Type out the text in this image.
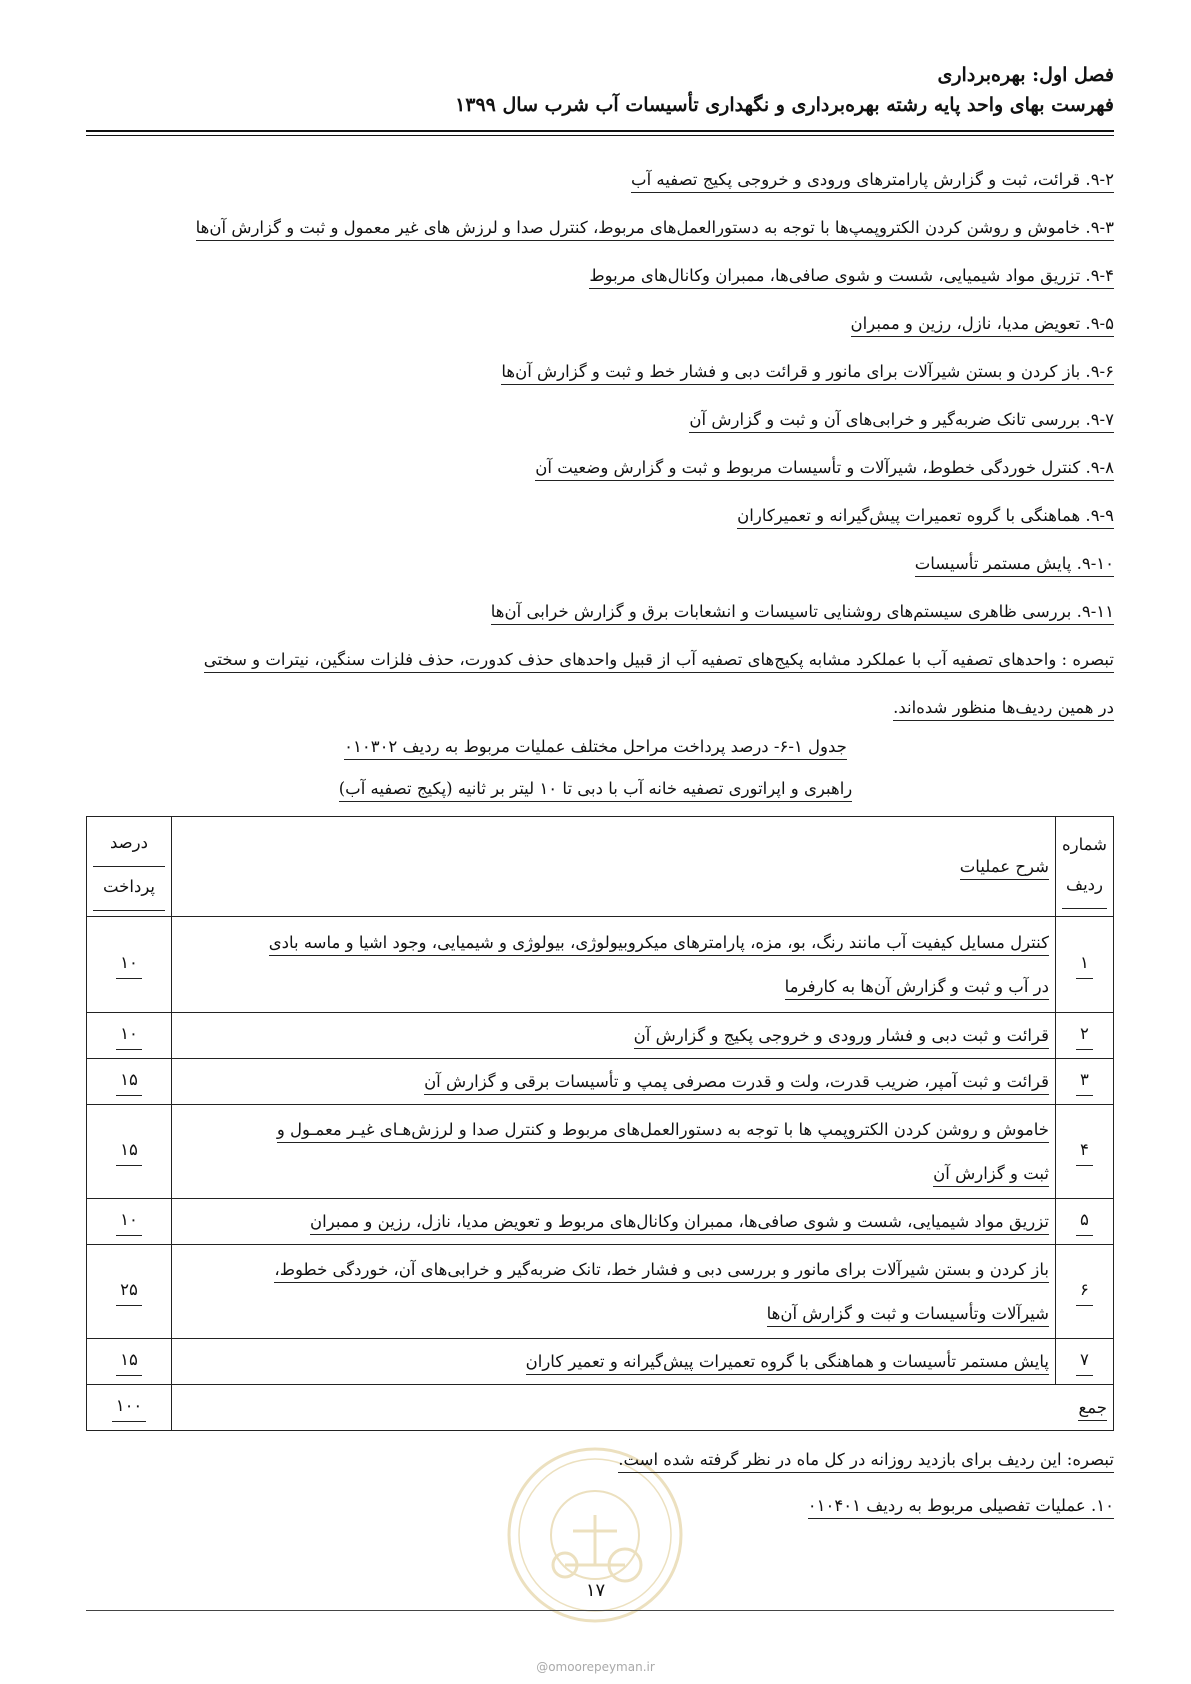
فصل اول: بهره‌برداری
فهرست بهای واحد پایه رشته بهره‌برداری و نگهداری تأسیسات آب شرب سال ۱۳۹۹
۹-۲. قرائت، ثبت و گزارش پارامترهای ورودی و خروجی پکیج تصفیه آب
۹-۳. خاموش و روشن کردن الکتروپمپ‌ها با توجه به دستورالعمل‌های مربوط، کنترل صدا و لرزش های غیر معمول و ثبت و گزارش آن‌ها
۹-۴. تزریق مواد شیمیایی، شست و شوی صافی‌ها، ممبران وکانال‌های مربوط
۹-۵. تعویض مدیا، نازل، رزین و ممبران
۹-۶. باز کردن و بستن شیرآلات برای مانور و قرائت دبی و فشار خط و ثبت و گزارش آن‌ها
۹-۷. بررسی تانک ضربه‌گیر و خرابی‌های آن و ثبت و گزارش آن
۹-۸. کنترل خوردگی خطوط، شیرآلات و تأسیسات مربوط و ثبت و گزارش وضعیت آن
۹-۹. هماهنگی با گروه تعمیرات پیش‌گیرانه و تعمیرکاران
۹-۱۰. پایش مستمر تأسیسات
۹-۱۱. بررسی ظاهری سیستم‌های روشنایی تاسیسات و انشعابات برق و گزارش خرابی آن‌ها
تبصره : واحدهای تصفیه آب با عملکرد مشابه پکیج‌های تصفیه آب از قبیل واحدهای حذف کدورت، حذف فلزات سنگین، نیترات و سختی
در همین ردیف‌ها منظور شده‌اند.
جدول ۱-۶- درصد پرداخت مراحل مختلف عملیات مربوط به ردیف ۰۱۰۳۰۲
راهبری و اپراتوری تصفیه خانه آب با دبی تا ۱۰ لیتر بر ثانیه (پکیج تصفیه آب)
شماره
ردیف	شرح عملیات	درصد
پرداخت

۱	کنترل مسایل کیفیت آب مانند رنگ، بو، مزه، پارامترهای میکروبیولوژی، بیولوژی و شیمیایی، وجود اشیا و ماسه بادی
در آب و ثبت و گزارش آن‌ها به کارفرما	۱۰
۲	قرائت و ثبت دبی و فشار ورودی و خروجی پکیج و گزارش آن	۱۰
۳	قرائت و ثبت آمپر، ضریب قدرت، ولت و قدرت مصرفی پمپ و تأسیسات برقی و گزارش آن	۱۵
۴	خاموش و روشن کردن الکتروپمپ ها با توجه به دستورالعمل‌های مربوط و کنترل صدا و لرزش‌هـای غیـر معمـول و
ثبت و گزارش آن	۱۵
۵	تزریق مواد شیمیایی، شست و شوی صافی‌ها، ممبران وکانال‌های مربوط و تعویض مدیا، نازل، رزین و ممبران	۱۰
۶	باز کردن و بستن شیرآلات برای مانور و بررسی دبی و فشار خط، تانک ضربه‌گیر و خرابی‌های آن، خوردگی خطوط،
شیرآلات وتأسیسات و ثبت و گزارش آن‌ها	۲۵
۷	پایش مستمر تأسیسات و هماهنگی با گروه تعمیرات پیش‌گیرانه و تعمیر کاران	۱۵
جمع		۱۰۰
تبصره: این ردیف برای بازدید روزانه در کل ماه در نظر گرفته شده است.
۱۰. عملیات تفصیلی مربوط به ردیف ۰۱۰۴۰۱
۱۷
@omoorepeyman.ir
